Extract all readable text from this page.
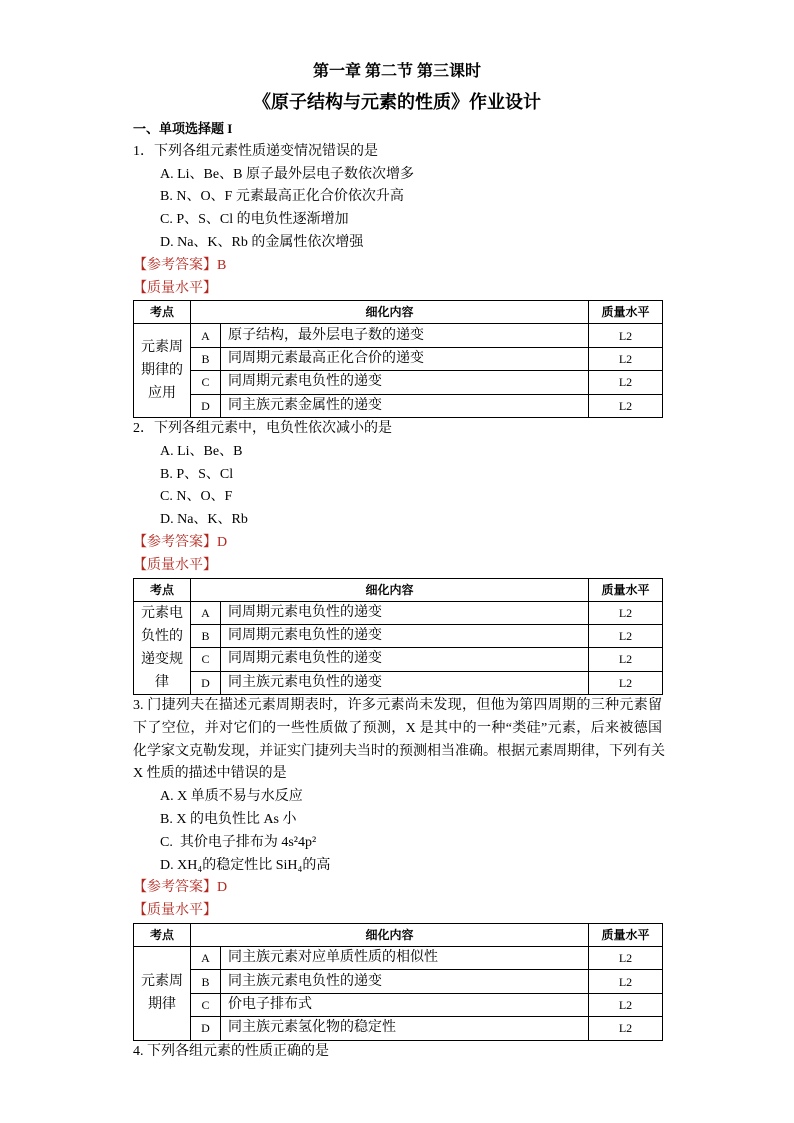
第一章 第二节 第三课时
《原子结构与元素的性质》作业设计
一、单项选择题 I
1．下列各组元素性质递变情况错误的是
A. Li、Be、B 原子最外层电子数依次增多
B. N、O、F 元素最高正化合价依次升高
C. P、S、Cl 的电负性逐渐增加
D. Na、K、Rb 的金属性依次增强
【参考答案】B
【质量水平】
考点	细化内容		质量水平

元素周期律的应用	A	原子结构，最外层电子数的递变	L2
	B	同周期元素最高正化合价的递变	L2
	C	同周期元素电负性的递变	L2
	D	同主族元素金属性的递变	L2
2．下列各组元素中，电负性依次减小的是
A. Li、Be、B
B. P、S、Cl
C. N、O、F
D. Na、K、Rb
【参考答案】D
【质量水平】
考点	细化内容		质量水平

元素电负性的递变规律	A	同周期元素电负性的递变	L2
	B	同周期元素电负性的递变	L2
	C	同周期元素电负性的递变	L2
	D	同主族元素电负性的递变	L2
3. 门捷列夫在描述元素周期表时，许多元素尚未发现，但他为第四周期的三种元素留
下了空位，并对它们的一些性质做了预测，X 是其中的一种“类硅”元素，后来被德国
化学家文克勒发现，并证实门捷列夫当时的预测相当准确。根据元素周期律，下列有关
X 性质的描述中错误的是
A. X 单质不易与水反应
B. X 的电负性比 As 小
C.  其价电子排布为 4s²4p²
D. XH₄的稳定性比 SiH₄的高
【参考答案】D
【质量水平】
考点	细化内容		质量水平

元素周期律	A	同主族元素对应单质性质的相似性	L2
	B	同主族元素电负性的递变	L2
	C	价电子排布式	L2
	D	同主族元素氢化物的稳定性	L2
4. 下列各组元素的性质正确的是
